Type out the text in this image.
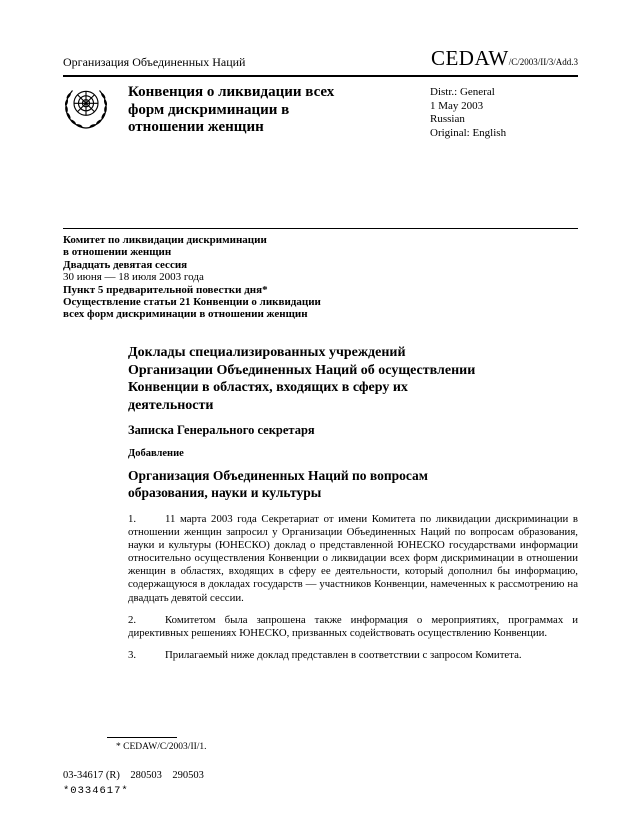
Организация Объединенных Наций	CEDAW /C/2003/II/3/Add.3
Конвенция о ликвидации всех
форм дискриминации в
отношении женщин
Distr.: General
1 May 2003
Russian
Original: English
Комитет по ликвидации дискриминации
в отношении женщин
Двадцать девятая сессия
30 июня — 18 июля 2003 года
Пункт 5 предварительной повестки дня*
Осуществление статьи 21 Конвенции о ликвидации
всех форм дискриминации в отношении женщин
Доклады специализированных учреждений
Организации Объединенных Наций об осуществлении
Конвенции в областях, входящих в сферу их
деятельности
Записка Генерального секретаря
Добавление
Организация Объединенных Наций по вопросам
образования, науки и культуры

1.	11 марта 2003 года Секретариат от имени Комитета по ликвидации дискриминации в отношении женщин запросил у Организации Объединенных Наций по вопросам образования, науки и культуры (ЮНЕСКО) доклад о представленной ЮНЕСКО государствами информации относительно осуществления Конвенции о ликвидации всех форм дискриминации в отношении женщин в областях, входящих в сферу ее деятельности, который дополнил бы информацию, содержащуюся в докладах государств — участников Конвенции, намеченных к рассмотрению на двадцать девятой сессии.

2.	Комитетом была запрошена также информация о мероприятиях, программах и директивных решениях ЮНЕСКО, призванных содействовать осуществлению Конвенции.

3.	Прилагаемый ниже доклад представлен в соответствии с запросом Комитета.

* CEDAW/C/2003/II/1.
03-34617 (R)    280503    290503
*0334617*
